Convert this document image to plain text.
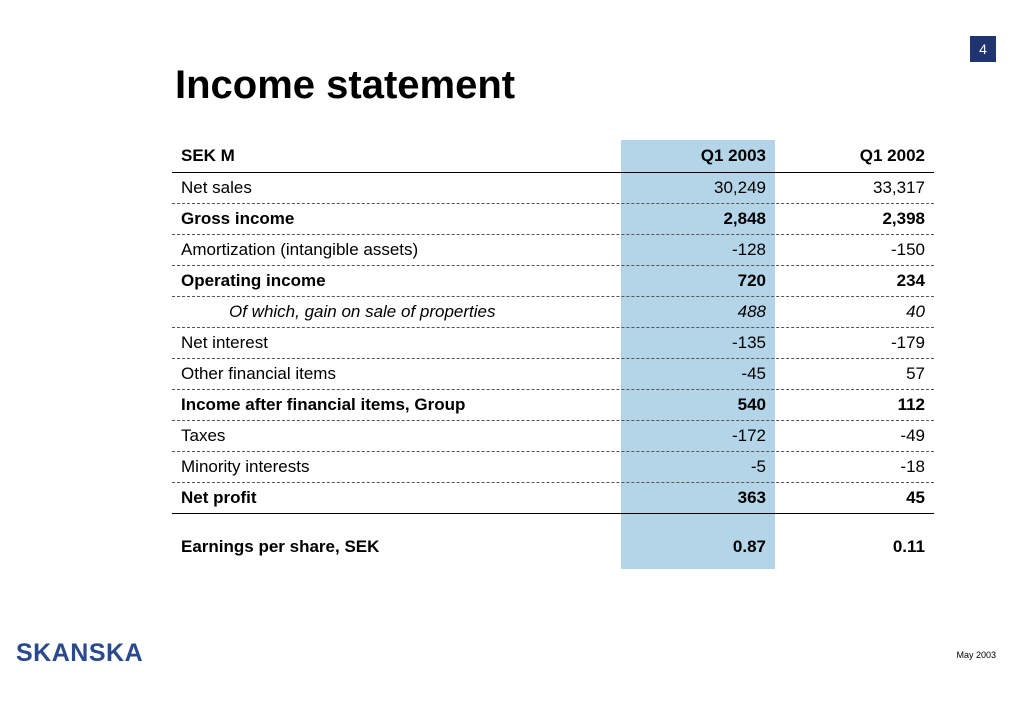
4
Income statement
SEK M	Q1 2003	Q1 2002
Net sales	30,249	33,317
Gross income	2,848	2,398
Amortization (intangible assets)	-128	-150
Operating income	720	234
Of which, gain on sale of properties	488	40
Net interest	-135	-179
Other financial items	-45	57
Income after financial items, Group	540	112
Taxes	-172	-49
Minority interests	-5	-18
Net profit	363	45
Earnings per share, SEK	0.87	0.11
SKANSKA	May 2003
